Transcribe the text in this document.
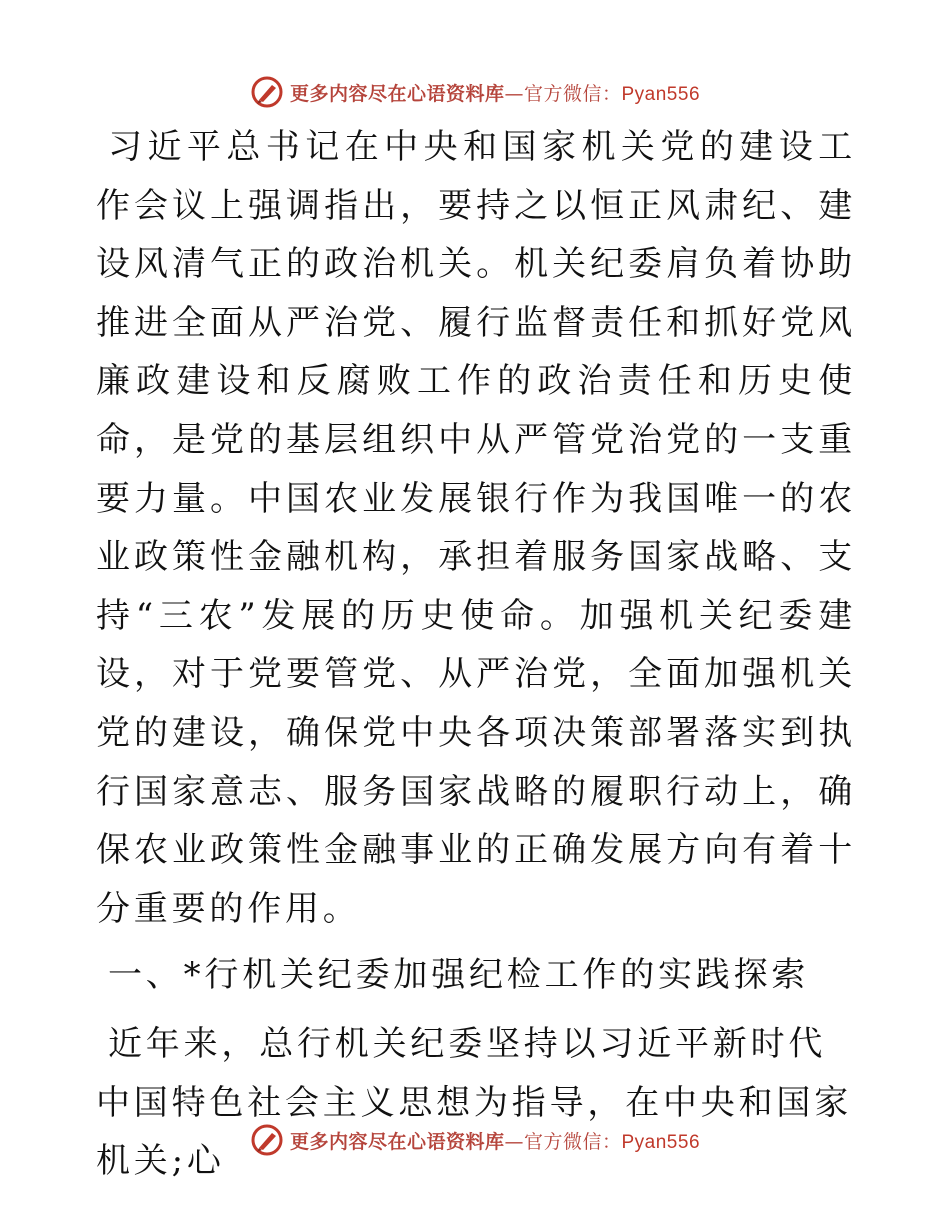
更多内容尽在心语资料库—官方微信：Pyan556

习近平总书记在中央和国家机关党的建设工作会议上强调指出，要持之以恒正风肃纪、建设风清气正的政治机关。机关纪委肩负着协助推进全面从严治党、履行监督责任和抓好党风廉政建设和反腐败工作的政治责任和历史使命，是党的基层组织中从严管党治党的一支重要力量。中国农业发展银行作为我国唯一的农业政策性金融机构，承担着服务国家战略、支持“三农”发展的历史使命。加强机关纪委建设，对于党要管党、从严治党，全面加强机关党的建设，确保党中央各项决策部署落实到执行国家意志、服务国家战略的履职行动上，确保农业政策性金融事业的正确发展方向有着十分重要的作用。

一、*行机关纪委加强纪检工作的实践探索

近年来，总行机关纪委坚持以习近平新时代中国特色社会主义思想为指导，在中央和国家机关;心	更多内容尽在心语资料库—官方微信：Pyan556
